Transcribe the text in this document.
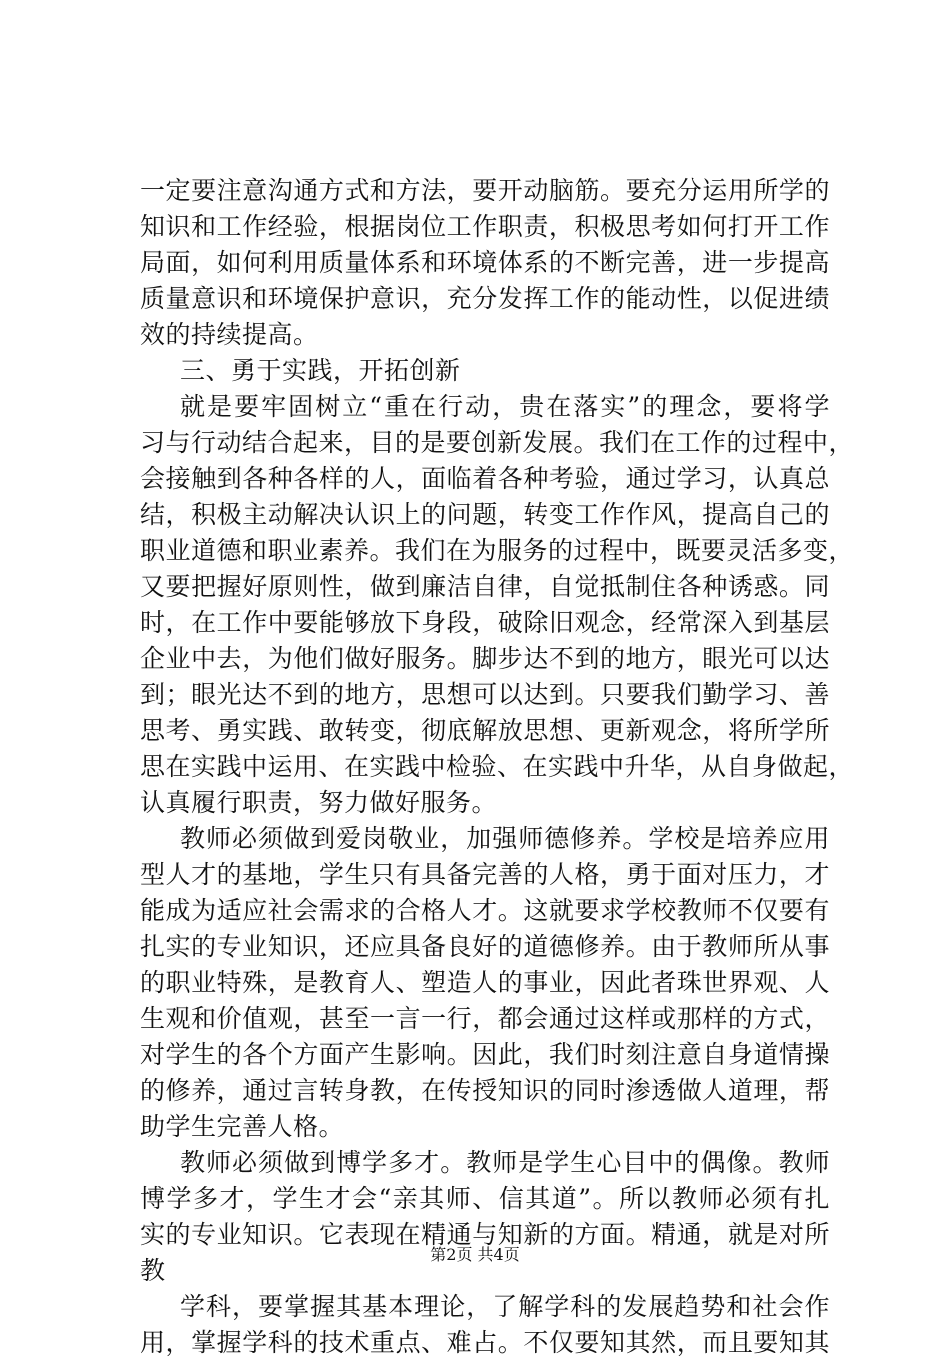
一定要注意沟通方式和方法，要开动脑筋。要充分运用所学的
知识和工作经验，根据岗位工作职责，积极思考如何打开工作
局面，如何利用质量体系和环境体系的不断完善，进一步提高
质量意识和环境保护意识，充分发挥工作的能动性，以促进绩
效的持续提高。
三、勇于实践，开拓创新
就是要牢固树立“重在行动，贵在落实”的理念，要将学
习与行动结合起来，目的是要创新发展。我们在工作的过程中，
会接触到各种各样的人，面临着各种考验，通过学习，认真总
结，积极主动解决认识上的问题，转变工作作风，提高自己的
职业道德和职业素养。我们在为服务的过程中，既要灵活多变，
又要把握好原则性，做到廉洁自律，自觉抵制住各种诱惑。同
时，在工作中要能够放下身段，破除旧观念，经常深入到基层
企业中去，为他们做好服务。脚步达不到的地方，眼光可以达
到；眼光达不到的地方，思想可以达到。只要我们勤学习、善
思考、勇实践、敢转变，彻底解放思想、更新观念，将所学所
思在实践中运用、在实践中检验、在实践中升华，从自身做起，
认真履行职责，努力做好服务。
教师必须做到爱岗敬业，加强师德修养。学校是培养应用
型人才的基地，学生只有具备完善的人格，勇于面对压力，才
能成为适应社会需求的合格人才。这就要求学校教师不仅要有
扎实的专业知识，还应具备良好的道德修养。由于教师所从事
的职业特殊，是教育人、塑造人的事业，因此者珠世界观、人
生观和价值观，甚至一言一行，都会通过这样或那样的方式，
对学生的各个方面产生影响。因此，我们时刻注意自身道情操
的修养，通过言转身教，在传授知识的同时渗透做人道理，帮
助学生完善人格。
教师必须做到博学多才。教师是学生心目中的偶像。教师
博学多才，学生才会“亲其师、信其道”。所以教师必须有扎
实的专业知识。它表现在精通与知新的方面。精通，就是对所
教
学科，要掌握其基本理论，了解学科的发展趋势和社会作
用，掌握学科的技术重点、难占。不仅要知其然，而且要知其
第2页 共4页
